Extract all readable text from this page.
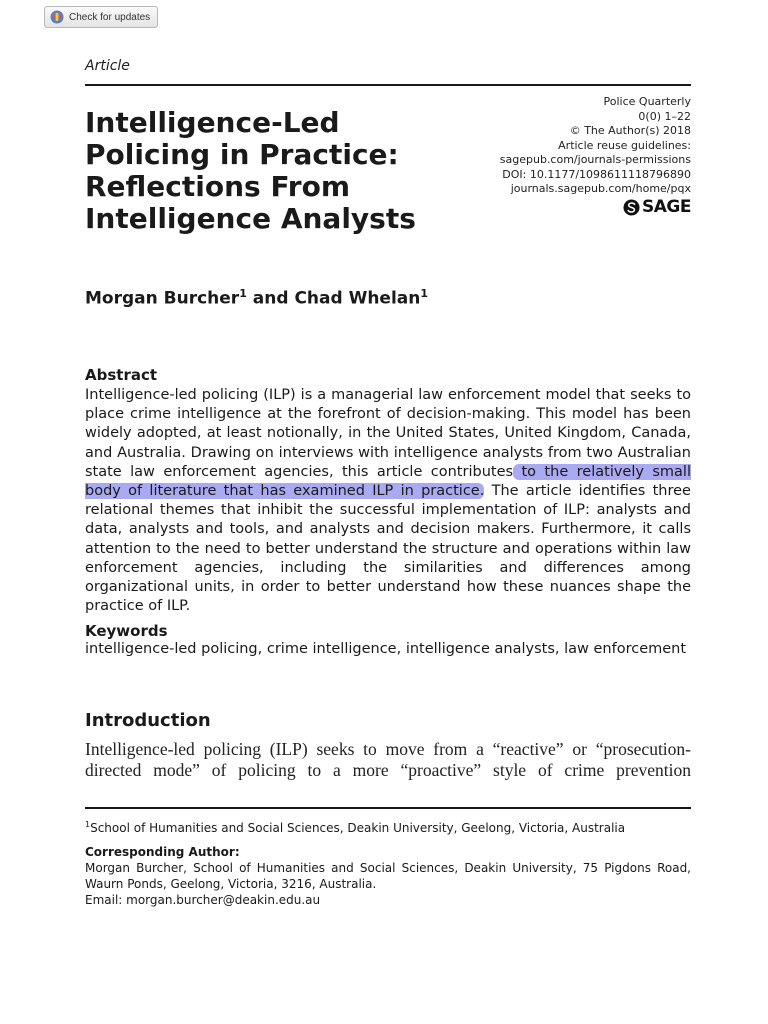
Check for updates
Article
Intelligence-Led
Policing in Practice:
Reflections From
Intelligence Analysts
Police Quarterly
0(0) 1–22
© The Author(s) 2018
Article reuse guidelines:
sagepub.com/journals-permissions
DOI: 10.1177/1098611118796890
journals.sagepub.com/home/pqx
SAGE
Morgan Burcher$^1$ and Chad Whelan$^1$
Abstract

Intelligence-led policing (ILP) is a managerial law enforcement model that seeks to place crime intelligence at the forefront of decision-making. This model has been widely adopted, at least notionally, in the United States, United Kingdom, Canada, and Australia. Drawing on interviews with intelligence analysts from two Australian state law enforcement agencies, this article contributes to the relatively small body of literature that has examined ILP in practice. The article identifies three relational themes that inhibit the successful implementation of ILP: analysts and data, analysts and tools, and analysts and decision makers. Furthermore, it calls attention to the need to better understand the structure and operations within law enforcement agencies, including the similarities and differences among organizational units, in order to better understand how these nuances shape the practice of ILP.

Keywords
intelligence-led policing, crime intelligence, intelligence analysts, law enforcement
Introduction

Intelligence-led policing (ILP) seeks to move from a “reactive” or “prosecution-directed mode” of policing to a more “proactive” style of crime prevention

$^1$School of Humanities and Social Sciences, Deakin University, Geelong, Victoria, Australia
Corresponding Author:
Morgan Burcher, School of Humanities and Social Sciences, Deakin University, 75 Pigdons Road, Waurn Ponds, Geelong, Victoria, 3216, Australia.
Email: morgan.burcher@deakin.edu.au
